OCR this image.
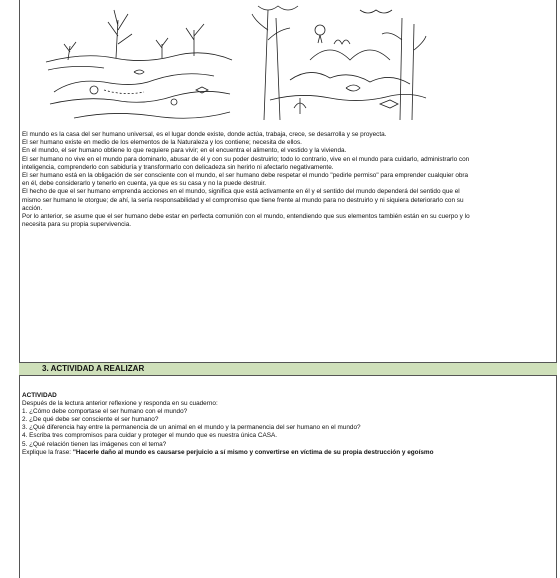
El mundo es la casa del ser humano universal, es el lugar donde existe, donde actúa, trabaja, crece, se desarrolla y se proyecta.

El ser humano existe en medio de los elementos de la Naturaleza y los contiene; necesita de ellos.

En el mundo, el ser humano obtiene lo que requiere para vivir; en el encuentra el alimento, el vestido y la vivienda.

El ser humano no vive en el mundo para dominarlo, abusar de él y con su poder destruirlo; todo lo contrario, vive en el mundo para cuidarlo, administrarlo con inteligencia, comprenderlo con sabiduría y transformarlo con delicadeza sin herirlo ni afectarlo negativamente.

El ser humano está en la obligación de ser consciente con el mundo, el ser humano debe respetar el mundo "pedirle permiso" para emprender cualquier obra en él, debe considerarlo y tenerlo en cuenta, ya que es su casa y no la puede destruir.

El hecho de que el ser humano emprenda acciones en el mundo, significa que está activamente en él y el sentido del mundo dependerá del sentido que el mismo ser humano le otorgue; de ahí, la sería responsabilidad y el compromiso que tiene frente al mundo para no destruirlo y ni siquiera deteriorarlo con su acción.

Por lo anterior, se asume que el ser humano debe estar en perfecta comunión con el mundo, entendiendo que sus elementos también están en su cuerpo y lo necesita para su propia supervivencia.

3. ACTIVIDAD A REALIZAR

ACTIVIDAD

Después de la lectura anterior reflexione y responda en su cuaderno:

1. ¿Cómo debe comportase el ser humano con el mundo?

2. ¿De qué debe ser consciente el ser humano?

3. ¿Qué diferencia hay entre la permanencia de un animal en el mundo y la permanencia del ser humano en el mundo?

4. Escriba tres compromisos para cuidar y proteger el mundo que es nuestra única CASA.

5. ¿Qué relación tienen las imágenes con el tema?

Explique la frase: "Hacerle daño al mundo es causarse perjuicio a sí mismo y convertirse en víctima de su propia destrucción y egoísmo
